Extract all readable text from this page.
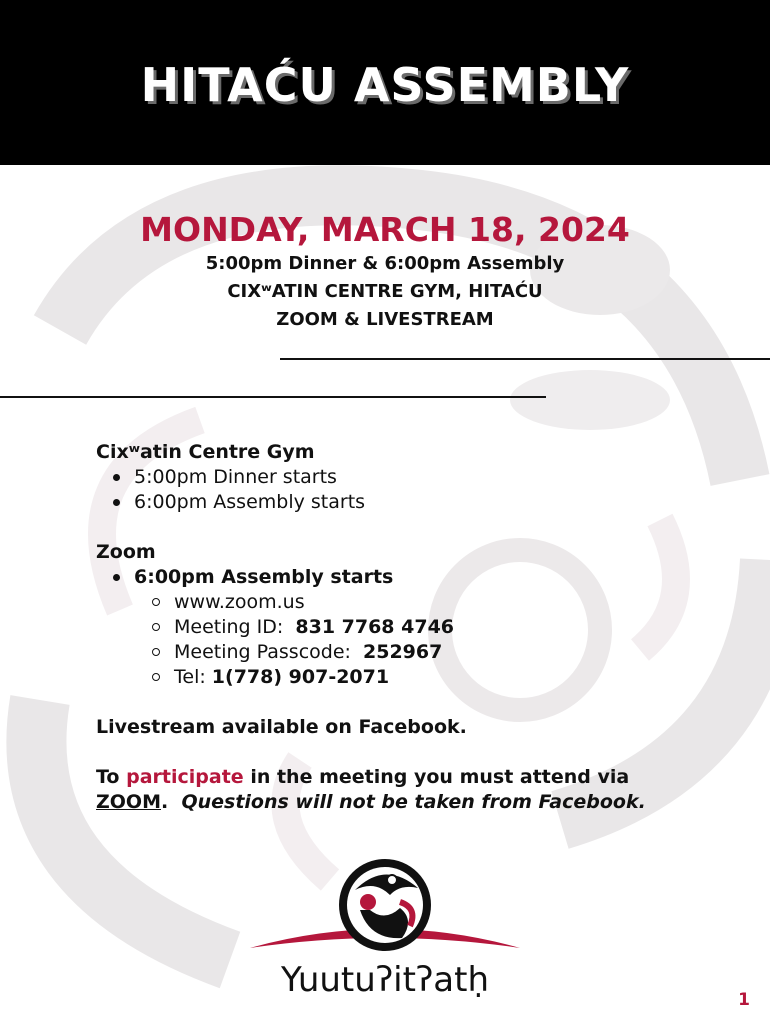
HITAĆU ASSEMBLY
MONDAY, MARCH 18, 2024
5:00pm Dinner & 6:00pm Assembly
CIXʷATIN CENTRE GYM, HITAĆU
ZOOM & LIVESTREAM
Cixʷatin Centre Gym
5:00pm Dinner starts
6:00pm Assembly starts
Zoom
6:00pm Assembly starts
www.zoom.us
Meeting ID: 831 7768 4746
Meeting Passcode: 252967
Tel: 1(778) 907-2071
Livestream available on Facebook.
To participate in the meeting you must attend via
ZOOM. Questions will not be taken from Facebook.
Yuutuʔitʔatḥ	1
